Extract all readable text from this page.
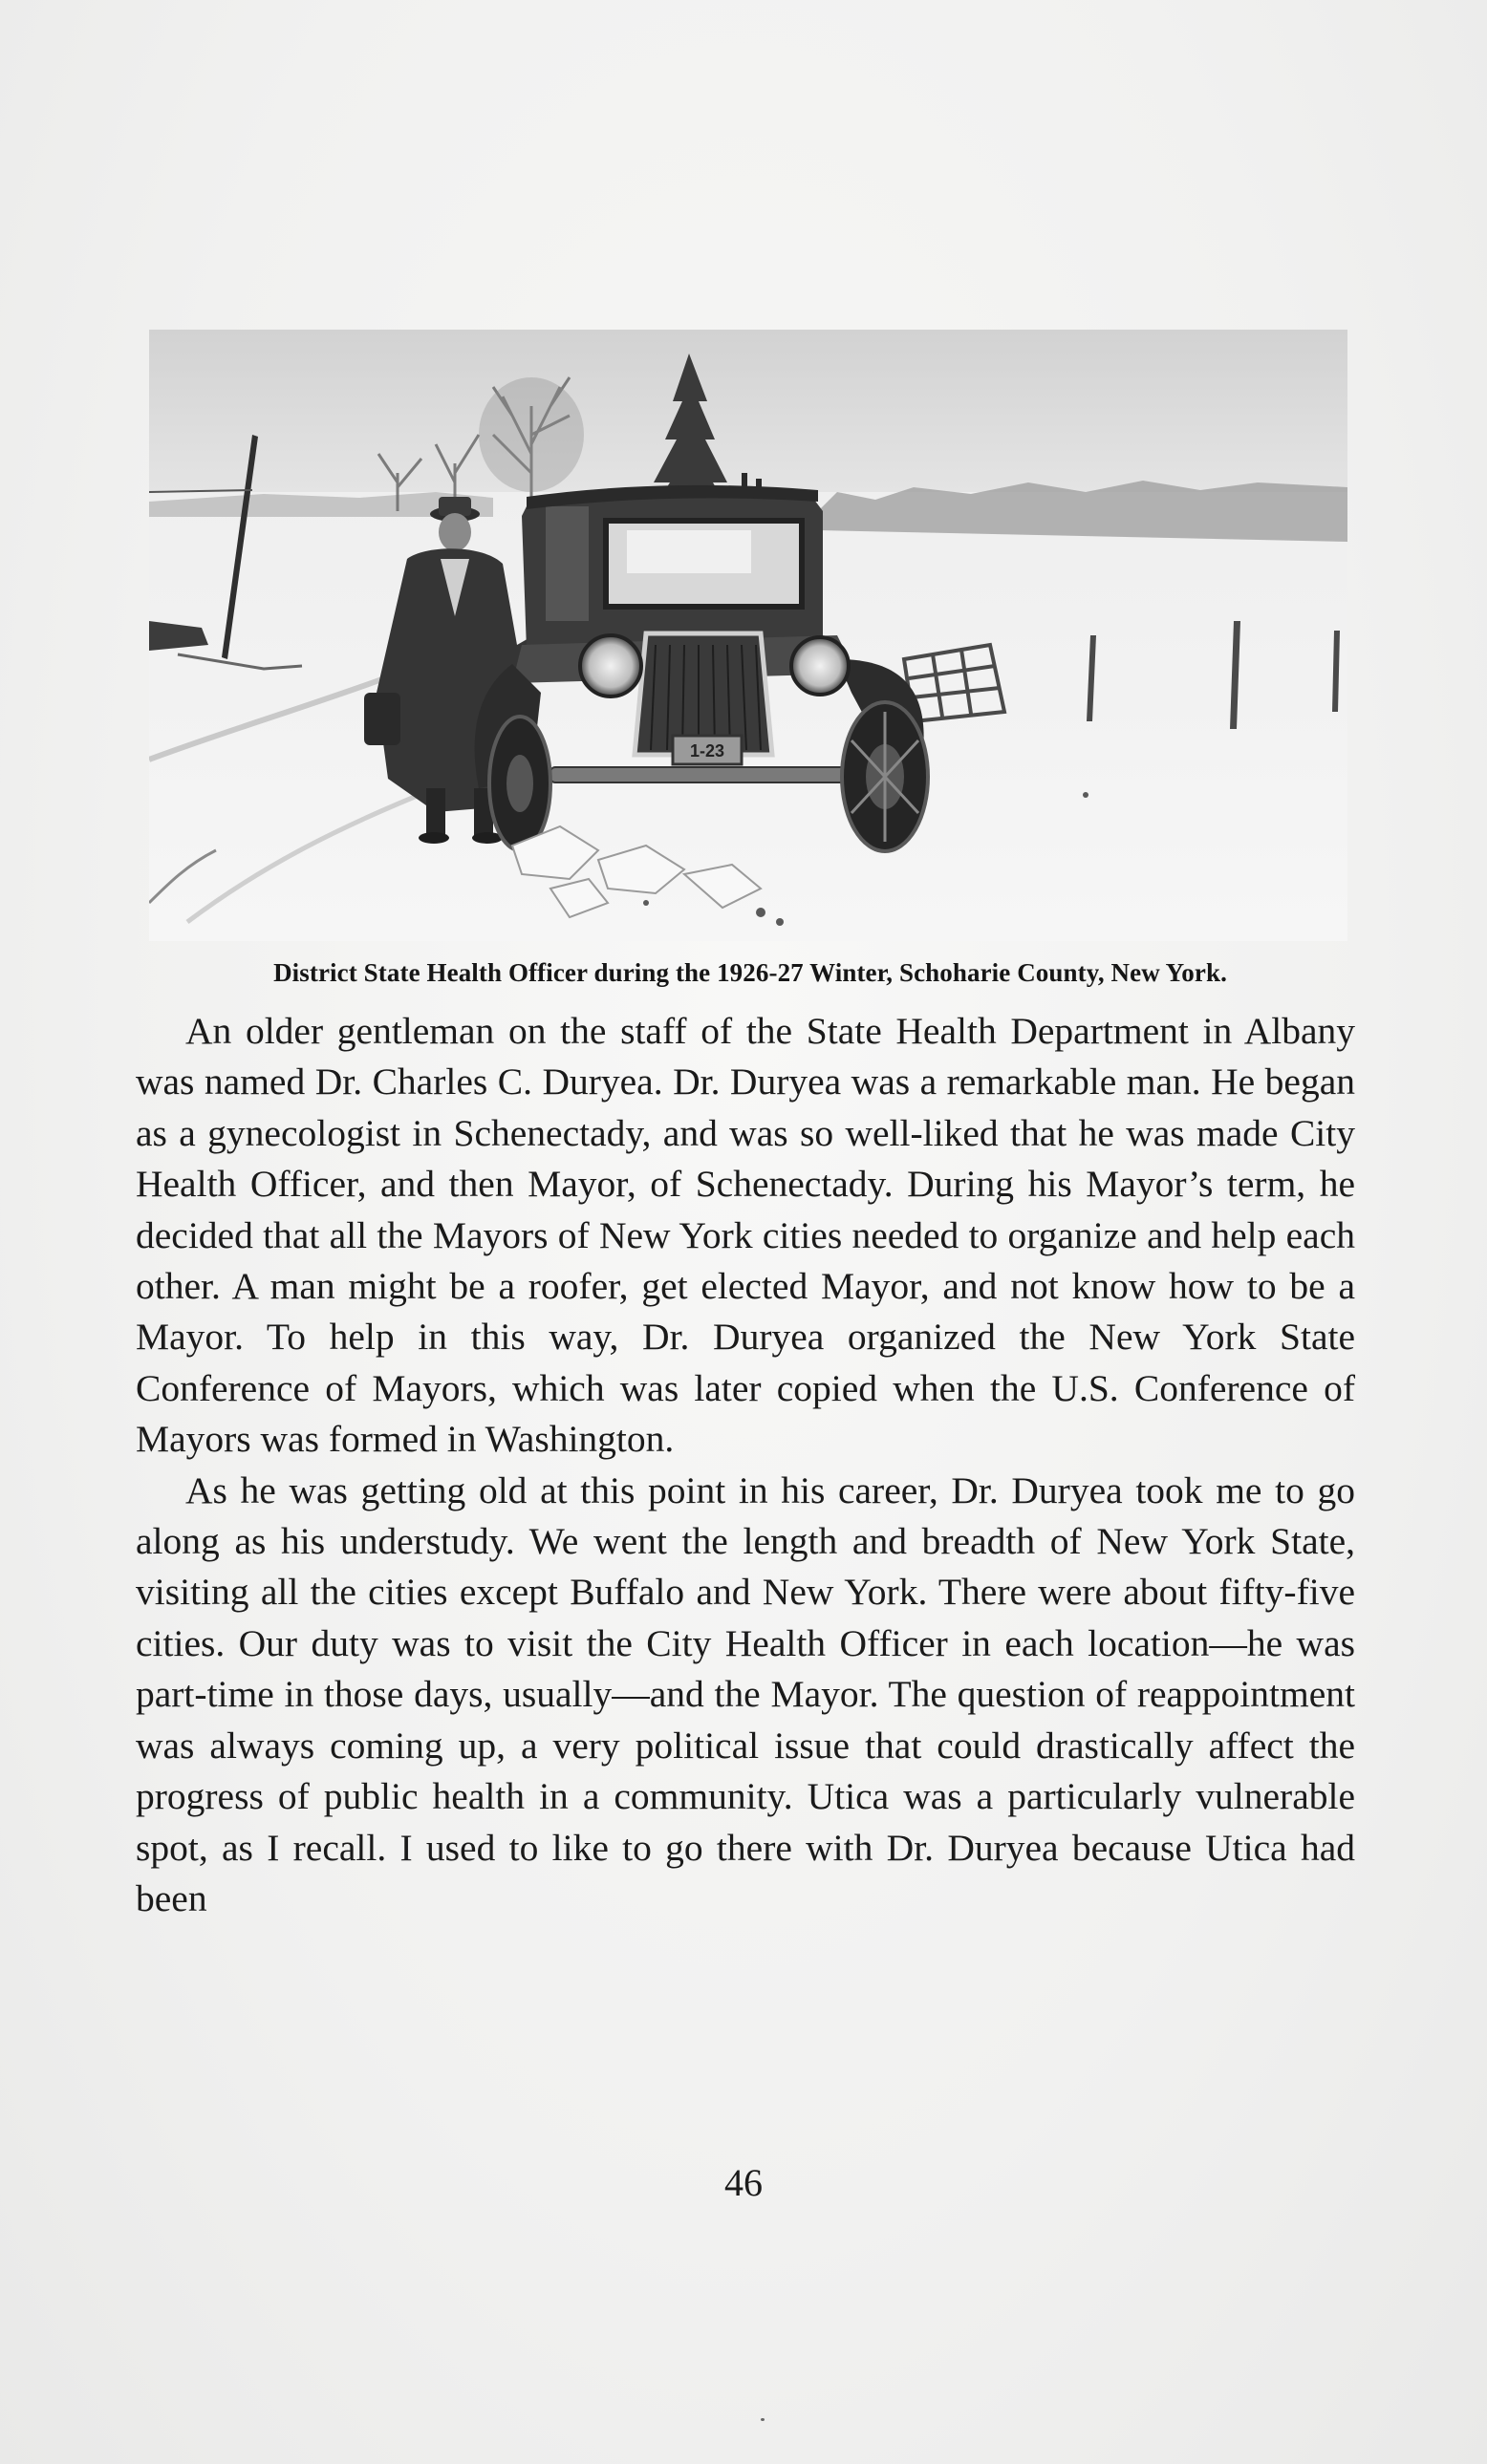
1-23
District State Health Officer during the 1926-27 Winter, Schoharie County, New York.

An older gentleman on the staff of the State Health Department in Albany was named Dr. Charles C. Duryea. Dr. Duryea was a remarkable man. He began as a gynecologist in Schenectady, and was so well-liked that he was made City Health Officer, and then Mayor, of Schenectady. During his Mayor’s term, he decided that all the Mayors of New York cities needed to organize and help each other. A man might be a roofer, get elected Mayor, and not know how to be a Mayor. To help in this way, Dr. Duryea organized the New York State Conference of Mayors, which was later copied when the U.S. Conference of Mayors was formed in Washington.

As he was getting old at this point in his career, Dr. Duryea took me to go along as his understudy. We went the length and breadth of New York State, visiting all the cities except Buffalo and New York. There were about fifty-five cities. Our duty was to visit the City Health Officer in each location—he was part-time in those days, usually—and the Mayor. The question of reappointment was always coming up, a very political issue that could drastically affect the progress of public health in a community. Utica was a particularly vulnerable spot, as I recall. I used to like to go there with Dr. Duryea because Utica had been

46
